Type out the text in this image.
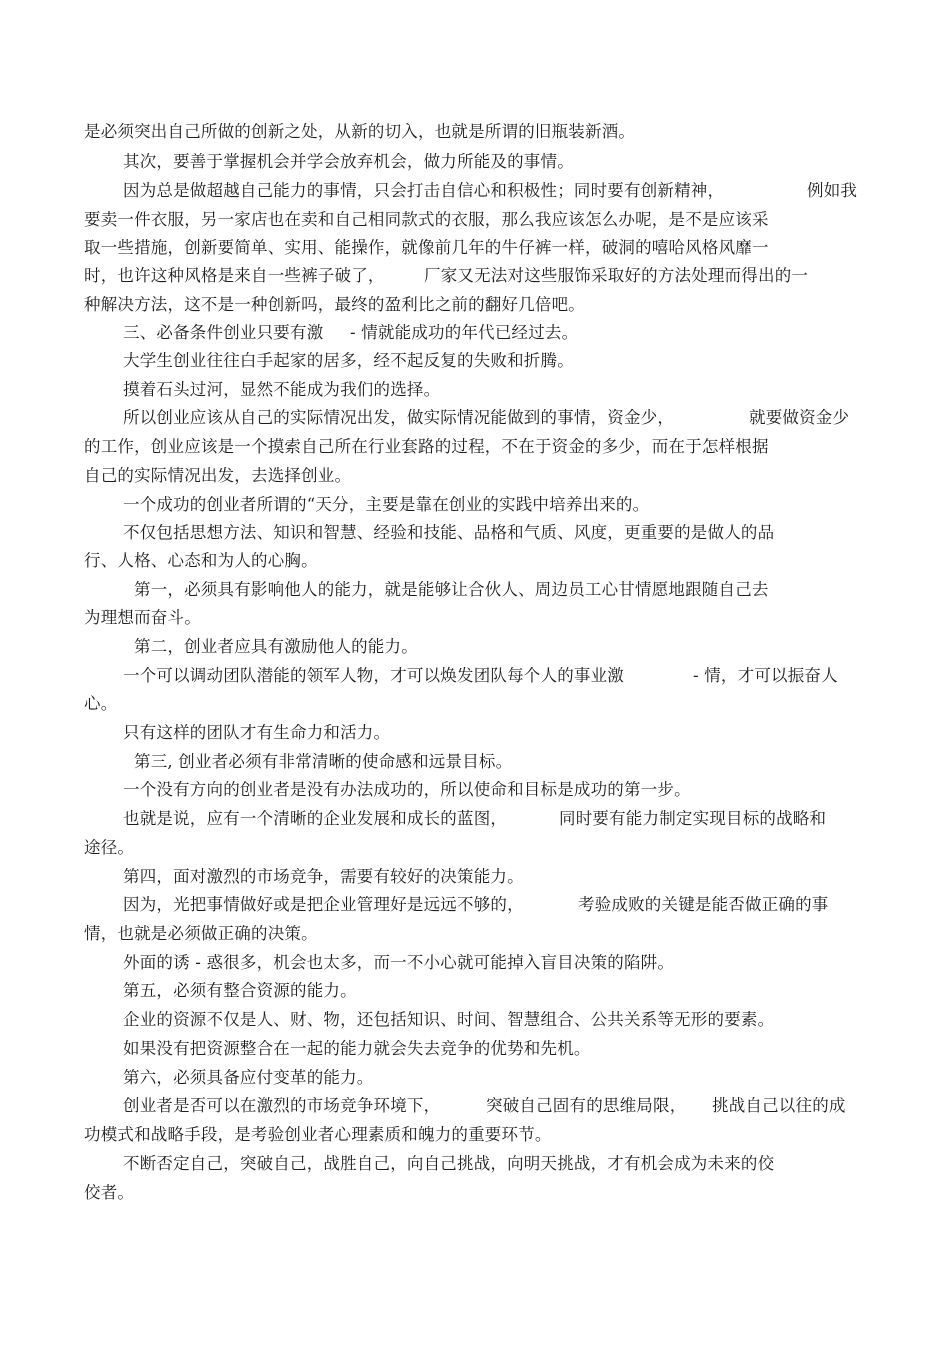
是必须突出自己所做的创新之处，从新的切入，也就是所谓的旧瓶装新酒。
其次，要善于掌握机会并学会放弃机会，做力所能及的事情。
因为总是做超越自己能力的事情，只会打击自信心和积极性；同时要有创新精神，	例如我
要卖一件衣服，另一家店也在卖和自己相同款式的衣服，那么我应该怎么办呢，是不是应该采
取一些措施，创新要简单、实用、能操作，就像前几年的牛仔裤一样，破洞的嘻哈风格风靡一
时，也许这种风格是来自一些裤子破了， 厂家又无法对这些服饰采取好的方法处理而得出的一
种解决方法，这不是一种创新吗，最终的盈利比之前的翻好几倍吧。
三、必备条件创业只要有激 - 情就能成功的年代已经过去。
大学生创业往往白手起家的居多，经不起反复的失败和折腾。
摸着石头过河，显然不能成为我们的选择。
所以创业应该从自己的实际情况出发，做实际情况能做到的事情，资金少，	就要做资金少
的工作，创业应该是一个摸索自己所在行业套路的过程，不在于资金的多少，而在于怎样根据
自己的实际情况出发，去选择创业。
一个成功的创业者所谓的“天分，主要是靠在创业的实践中培养出来的。
不仅包括思想方法、知识和智慧、经验和技能、品格和气质、风度，更重要的是做人的品
行、人格、心态和为人的心胸。
第一，必须具有影响他人的能力，就是能够让合伙人、周边员工心甘情愿地跟随自己去
为理想而奋斗。
第二，创业者应具有激励他人的能力。
一个可以调动团队潜能的领军人物，才可以焕发团队每个人的事业激	- 情，才可以振奋人
心。
只有这样的团队才有生命力和活力。
第三, 创业者必须有非常清晰的使命感和远景目标。
一个没有方向的创业者是没有办法成功的，所以使命和目标是成功的第一步。
也就是说，应有一个清晰的企业发展和成长的蓝图，	同时要有能力制定实现目标的战略和
途径。
第四，面对激烈的市场竞争，需要有较好的决策能力。
因为，光把事情做好或是把企业管理好是远远不够的，	考验成败的关键是能否做正确的事
情，也就是必须做正确的决策。
外面的诱 - 惑很多，机会也太多，而一不小心就可能掉入盲目决策的陷阱。
第五，必须有整合资源的能力。
企业的资源不仅是人、财、物，还包括知识、时间、智慧组合、公共关系等无形的要素。
如果没有把资源整合在一起的能力就会失去竞争的优势和先机。
第六，必须具备应付变革的能力。
创业者是否可以在激烈的市场竞争环境下，	突破自己固有的思维局限， 挑战自己以往的成
功模式和战略手段，是考验创业者心理素质和魄力的重要环节。
不断否定自己，突破自己，战胜自己，向自己挑战，向明天挑战，才有机会成为未来的佼
佼者。
